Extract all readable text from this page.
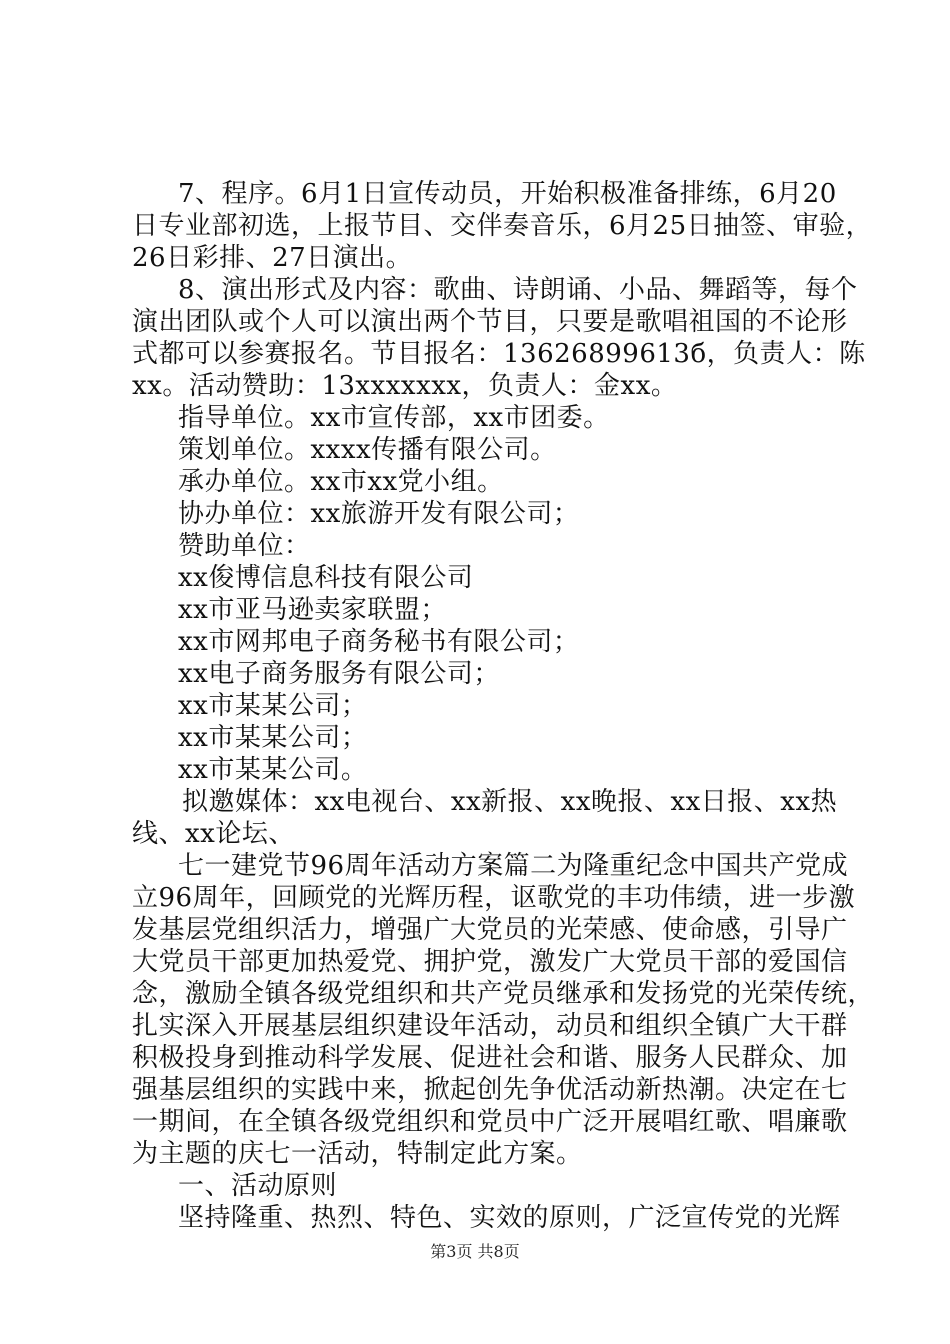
7、程序。6月1日宣传动员，开始积极准备排练，6月20
日专业部初选，上报节目、交伴奏音乐，6月25日抽签、审验，
26日彩排、27日演出。
8、演出形式及内容：歌曲、诗朗诵、小品、舞蹈等，每个
演出团队或个人可以演出两个节目，只要是歌唱祖国的不论形
式都可以参赛报名。节目报名：13626899613б，负责人：陈
xx。活动赞助：13xxxxxxx，负责人：金xx。
指导单位。xx市宣传部，xx市团委。
策划单位。xxxx传播有限公司。
承办单位。xx市xx党小组。
协办单位：xx旅游开发有限公司；
赞助单位：
xx俊博信息科技有限公司
xx市亚马逊卖家联盟；
xx市网邦电子商务秘书有限公司；
xx电子商务服务有限公司；
xx市某某公司；
xx市某某公司；
xx市某某公司。
拟邀媒体：xx电视台、xx新报、xx晚报、xx日报、xx热
线、xx论坛、
七一建党节96周年活动方案篇二为隆重纪念中国共产党成
立96周年，回顾党的光辉历程，讴歌党的丰功伟绩，进一步激
发基层党组织活力，增强广大党员的光荣感、使命感，引导广
大党员干部更加热爱党、拥护党，激发广大党员干部的爱国信
念，激励全镇各级党组织和共产党员继承和发扬党的光荣传统，
扎实深入开展基层组织建设年活动，动员和组织全镇广大干群
积极投身到推动科学发展、促进社会和谐、服务人民群众、加
强基层组织的实践中来，掀起创先争优活动新热潮。决定在七
一期间，在全镇各级党组织和党员中广泛开展唱红歌、唱廉歌
为主题的庆七一活动，特制定此方案。
一、活动原则
坚持隆重、热烈、特色、实效的原则，广泛宣传党的光辉
第3页 共8页
